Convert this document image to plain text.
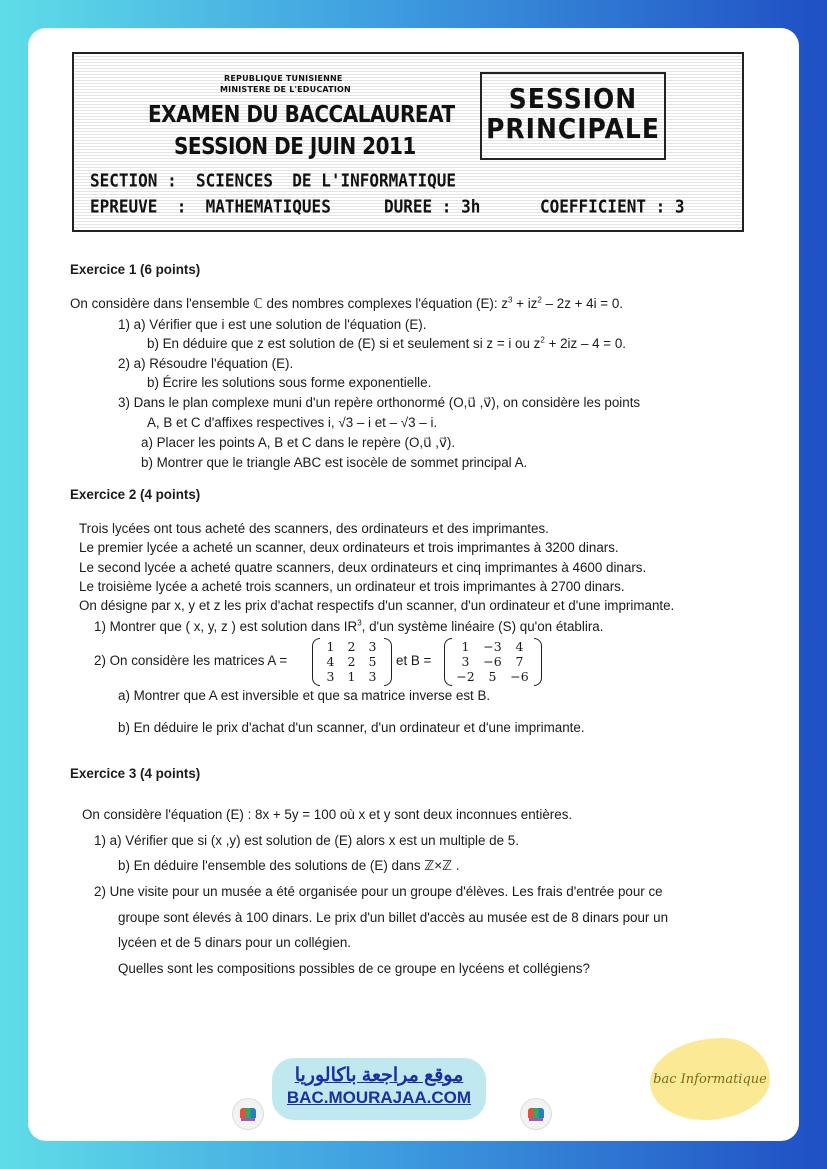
REPUBLIQUE TUNISIENNE
MINISTERE DE L'EDUCATION
EXAMEN DU BACCALAUREAT
SESSION DE JUIN 2011
SESSION
PRINCIPALE
SECTION :  SCIENCES  DE L'INFORMATIQUE
EPREUVE  :  MATHEMATIQUES	DUREE : 3h	COEFFICIENT : 3
Exercice 1 (6 points)
On considère dans l'ensemble ℂ des nombres complexes l'équation (E): $z^3 + iz^2 - 2z + 4i = 0$.
1) a) Vérifier que i est une solution de l'équation (E).
b) En déduire que z est solution de (E) si et seulement si z = i ou $z^2 + 2iz - 4 = 0$.
2) a) Résoudre l'équation (E).
b) Écrire les solutions sous forme exponentielle.
3) Dans le plan complexe muni d'un repère orthonormé (O,u⃗ ,v⃗), on considère les points
A, B et C d'affixes respectives i, √3 – i et – √3 – i.
a) Placer les points A, B et C dans le repère (O,u⃗ ,v⃗).
b) Montrer que le triangle ABC est isocèle de sommet principal A.
Exercice 2 (4 points)
Trois lycées ont tous acheté des scanners, des ordinateurs et des imprimantes.
Le premier lycée a acheté un scanner, deux ordinateurs et trois imprimantes à 3200 dinars.
Le second lycée a acheté quatre scanners, deux ordinateurs et cinq imprimantes à 4600 dinars.
Le troisième lycée a acheté trois scanners, un ordinateur et trois imprimantes à 2700 dinars.
On désigne par x, y et z les prix d'achat respectifs d'un scanner, d'un ordinateur et d'une imprimante.
1) Montrer que ( x, y, z ) est solution dans $IR^3$, d'un système linéaire (S) qu'on établira.
2) On considère les matrices A =
1	2	3
4	2	5
3	1	3
et B =
1	−3	4
3	−6	7
−2	5	−6
a) Montrer que A est inversible et que sa matrice inverse est B.
b) En déduire le prix d'achat d'un scanner, d'un ordinateur et d'une imprimante.
Exercice 3 (4 points)
On considère l'équation (E) : 8x + 5y = 100 où x et y sont deux inconnues entières.
1) a) Vérifier que si (x ,y) est solution de (E) alors x est un multiple de 5.
b) En déduire l'ensemble des solutions de (E) dans ℤ×ℤ .
2) Une visite pour un musée a été organisée pour un groupe d'élèves. Les frais d'entrée pour ce
groupe sont élevés à 100 dinars. Le prix d'un billet d'accès au musée est de 8 dinars pour un
lycéen et de 5 dinars pour un collégien.
Quelles sont les compositions possibles de ce groupe en lycéens et collégiens?
موقع مراجعة باكالوريا
BAC.MOURAJAA.COM
bac Informatique
